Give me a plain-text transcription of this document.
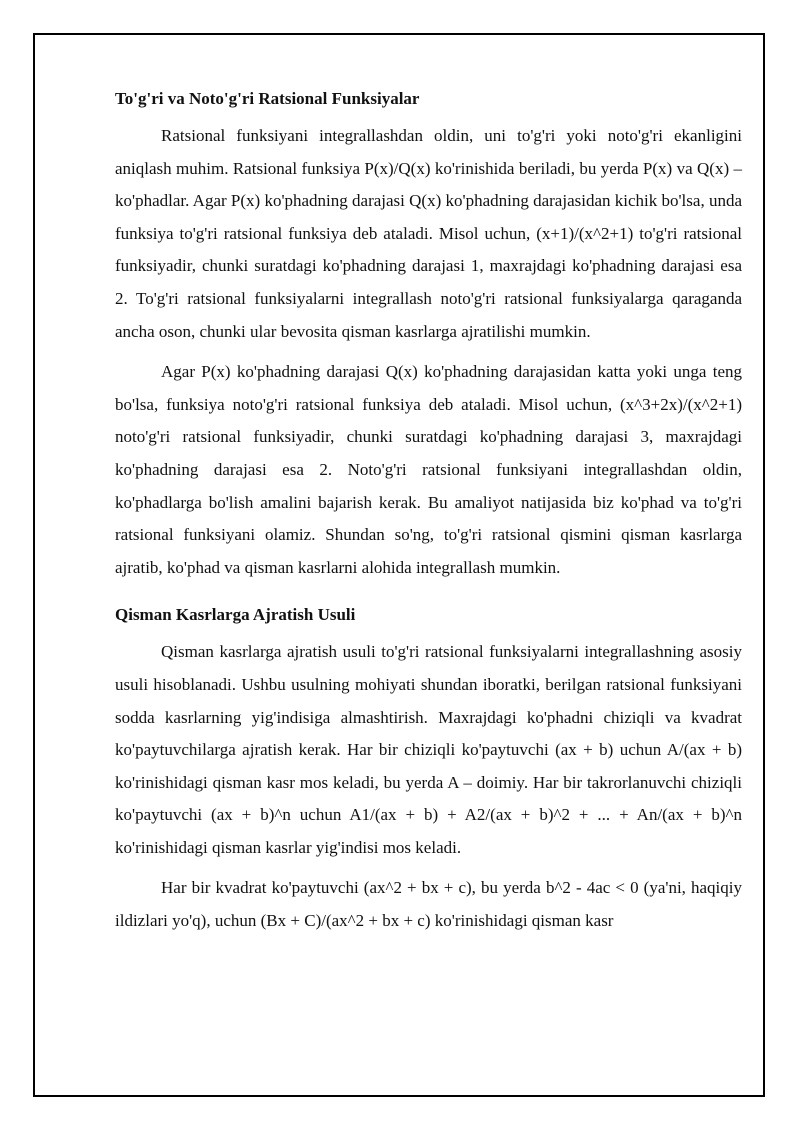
To'g'ri va Noto'g'ri Ratsional Funksiyalar

Ratsional funksiyani integrallashdan oldin, uni to'g'ri yoki noto'g'ri ekanligini aniqlash muhim. Ratsional funksiya P(x)/Q(x) ko'rinishida beriladi, bu yerda P(x) va Q(x) – ko'phadlar. Agar P(x) ko'phadning darajasi Q(x) ko'phadning darajasidan kichik bo'lsa, unda funksiya to'g'ri ratsional funksiya deb ataladi. Misol uchun, (x+1)/(x^2+1) to'g'ri ratsional funksiyadir, chunki suratdagi ko'phadning darajasi 1, maxrajdagi ko'phadning darajasi esa 2. To'g'ri ratsional funksiyalarni integrallash noto'g'ri ratsional funksiyalarga qaraganda ancha oson, chunki ular bevosita qisman kasrlarga ajratilishi mumkin.

Agar P(x) ko'phadning darajasi Q(x) ko'phadning darajasidan katta yoki unga teng bo'lsa, funksiya noto'g'ri ratsional funksiya deb ataladi. Misol uchun, (x^3+2x)/(x^2+1) noto'g'ri ratsional funksiyadir, chunki suratdagi ko'phadning darajasi 3, maxrajdagi ko'phadning darajasi esa 2. Noto'g'ri ratsional funksiyani integrallashdan oldin, ko'phadlarga bo'lish amalini bajarish kerak. Bu amaliyot natijasida biz ko'phad va to'g'ri ratsional funksiyani olamiz. Shundan so'ng, to'g'ri ratsional qismini qisman kasrlarga ajratib, ko'phad va qisman kasrlarni alohida integrallash mumkin.

Qisman Kasrlarga Ajratish Usuli

Qisman kasrlarga ajratish usuli to'g'ri ratsional funksiyalarni integrallashning asosiy usuli hisoblanadi. Ushbu usulning mohiyati shundan iboratki, berilgan ratsional funksiyani sodda kasrlarning yig'indisiga almashtirish. Maxrajdagi ko'phadni chiziqli va kvadrat ko'paytuvchilarga ajratish kerak. Har bir chiziqli ko'paytuvchi (ax + b) uchun A/(ax + b) ko'rinishidagi qisman kasr mos keladi, bu yerda A – doimiy. Har bir takrorlanuvchi chiziqli ko'paytuvchi (ax + b)^n uchun A1/(ax + b) + A2/(ax + b)^2 + ... + An/(ax + b)^n ko'rinishidagi qisman kasrlar yig'indisi mos keladi.

Har bir kvadrat ko'paytuvchi (ax^2 + bx + c), bu yerda b^2 - 4ac < 0 (ya'ni, haqiqiy ildizlari yo'q), uchun (Bx + C)/(ax^2 + bx + c) ko'rinishidagi qisman kasr
